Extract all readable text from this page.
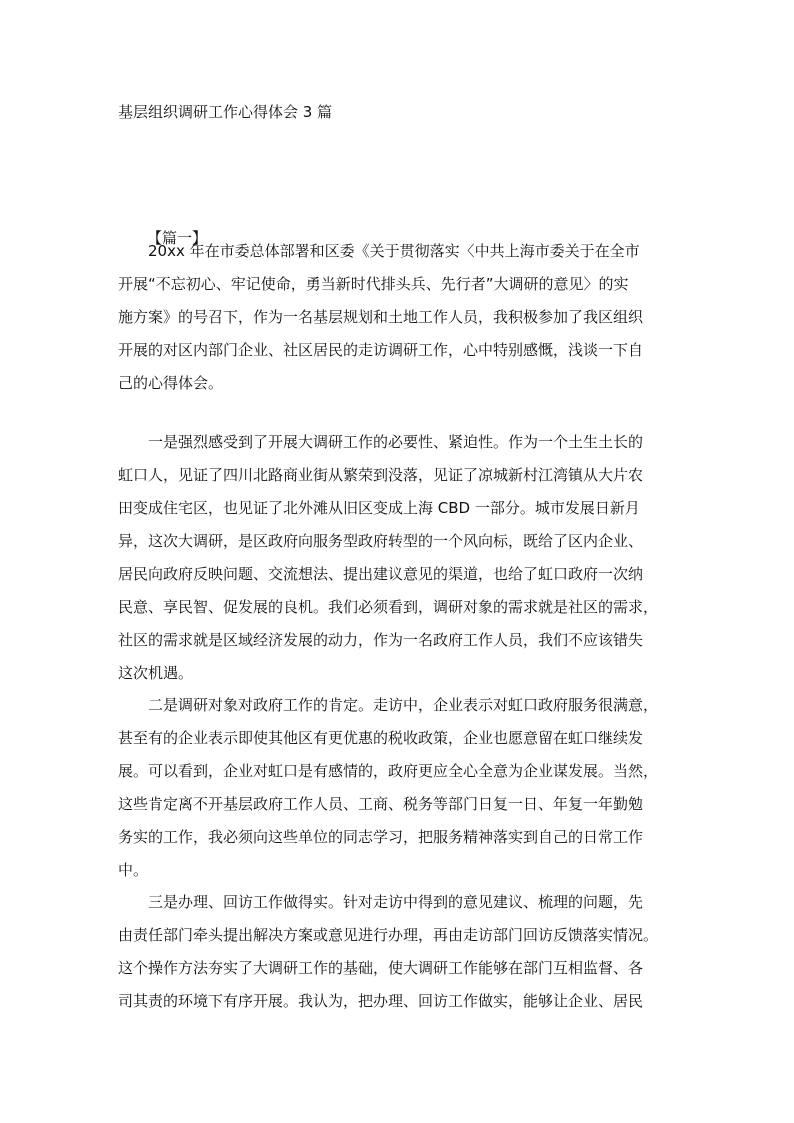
基层组织调研工作心得体会 3 篇
【篇一】
20xx 年在市委总体部署和区委《关于贯彻落实〈中共上海市委关于在全市
开展“不忘初心、牢记使命，勇当新时代排头兵、先行者”大调研的意见〉的实
施方案》的号召下，作为一名基层规划和土地工作人员，我积极参加了我区组织
开展的对区内部门企业、社区居民的走访调研工作，心中特别感慨，浅谈一下自
己的心得体会。
一是强烈感受到了开展大调研工作的必要性、紧迫性。作为一个土生土长的
虹口人，见证了四川北路商业街从繁荣到没落，见证了凉城新村江湾镇从大片农
田变成住宅区，也见证了北外滩从旧区变成上海 CBD 一部分。城市发展日新月
异，这次大调研，是区政府向服务型政府转型的一个风向标，既给了区内企业、
居民向政府反映问题、交流想法、提出建议意见的渠道，也给了虹口政府一次纳
民意、享民智、促发展的良机。我们必须看到，调研对象的需求就是社区的需求，
社区的需求就是区域经济发展的动力，作为一名政府工作人员，我们不应该错失
这次机遇。
二是调研对象对政府工作的肯定。走访中，企业表示对虹口政府服务很满意，
甚至有的企业表示即使其他区有更优惠的税收政策，企业也愿意留在虹口继续发
展。可以看到，企业对虹口是有感情的，政府更应全心全意为企业谋发展。当然，
这些肯定离不开基层政府工作人员、工商、税务等部门日复一日、年复一年勤勉
务实的工作，我必须向这些单位的同志学习，把服务精神落实到自己的日常工作
中。
三是办理、回访工作做得实。针对走访中得到的意见建议、梳理的问题，先
由责任部门牵头提出解决方案或意见进行办理，再由走访部门回访反馈落实情况。
这个操作方法夯实了大调研工作的基础，使大调研工作能够在部门互相监督、各
司其责的环境下有序开展。我认为，把办理、回访工作做实，能够让企业、居民
